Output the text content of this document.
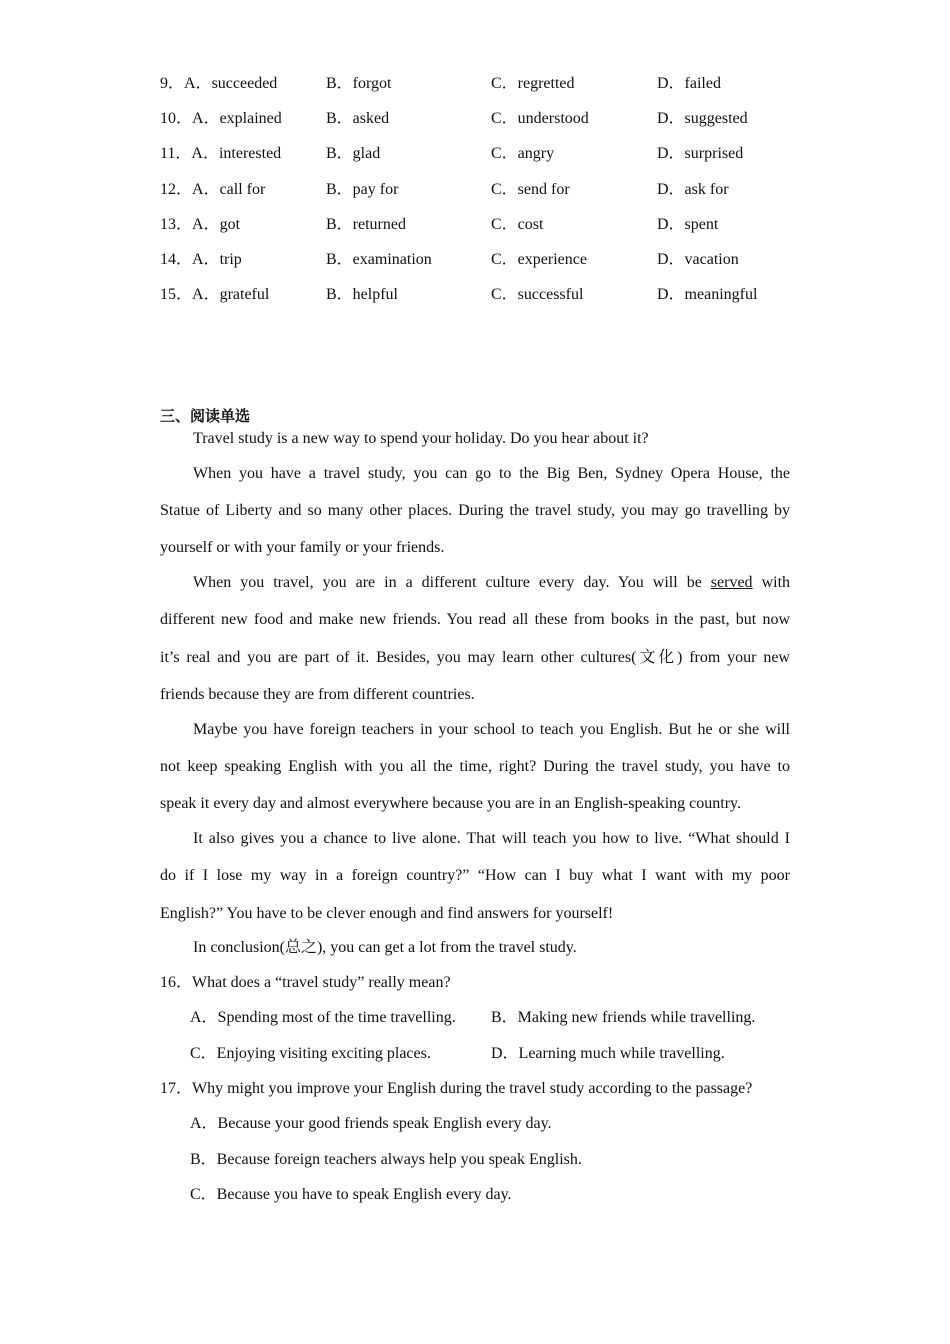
9．A．succeeded	B．forgot	C．regretted	D．failed
10．A．explained	B．asked	C．understood	D．suggested
11．A．interested	B．glad	C．angry	D．surprised
12．A．call for	B．pay for	C．send for	D．ask for
13．A．got	B．returned	C．cost	D．spent
14．A．trip	B．examination	C．experience	D．vacation
15．A．grateful	B．helpful	C．successful	D．meaningful
三、阅读单选
Travel study is a new way to spend your holiday. Do you hear about it?
When you have a travel study, you can go to the Big Ben, Sydney Opera House, the
Statue of Liberty and so many other places. During the travel study, you may go travelling by
yourself or with your family or your friends.
When you travel, you are in a different culture every day. You will be served with
different new food and make new friends. You read all these from books in the past, but now
it’s real and you are part of it. Besides, you may learn other cultures(文化) from your new
friends because they are from different countries.
Maybe you have foreign teachers in your school to teach you English. But he or she will
not keep speaking English with you all the time, right? During the travel study, you have to
speak it every day and almost everywhere because you are in an English-speaking country.
It also gives you a chance to live alone. That will teach you how to live. “What should I
do if I lose my way in a foreign country?” “How can I buy what I want with my poor
English?” You have to be clever enough and find answers for yourself!
In conclusion(总之), you can get a lot from the travel study.
16．What does a “travel study” really mean?
A．Spending most of the time travelling. B．Making new friends while travelling.
C．Enjoying visiting exciting places.	D．Learning much while travelling.
17．Why might you improve your English during the travel study according to the passage?
A．Because your good friends speak English every day.
B．Because foreign teachers always help you speak English.
C．Because you have to speak English every day.
